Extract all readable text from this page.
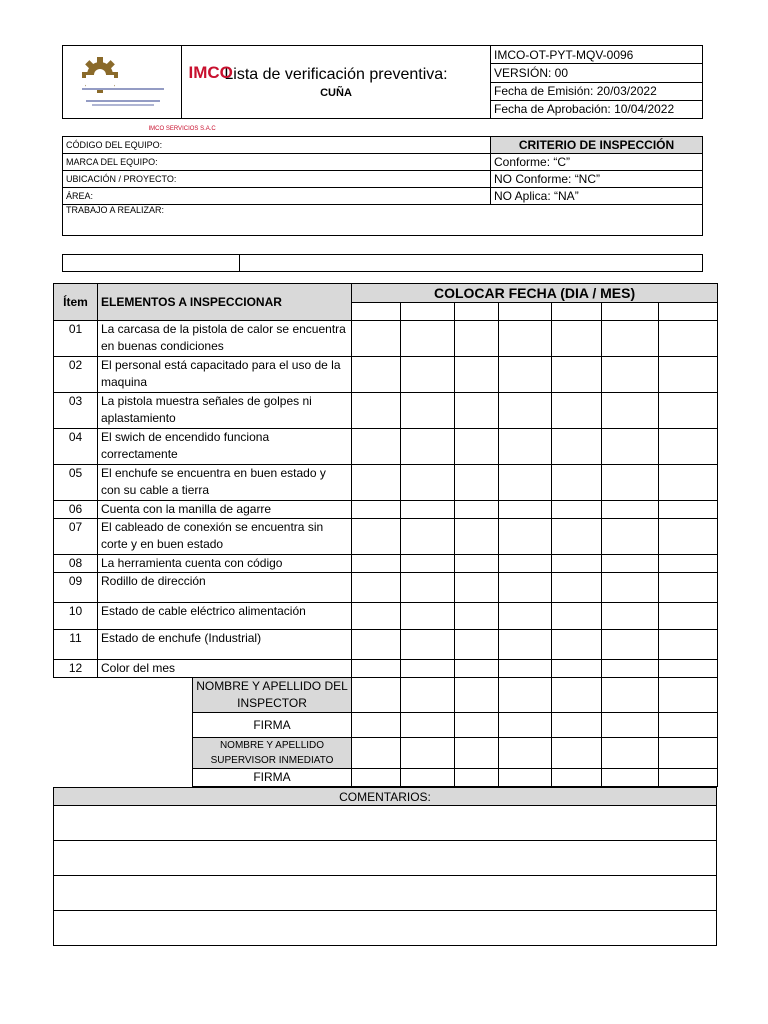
IMCO
IMCO SERVICIOS S.A.C

Lista de verificación preventiva:
CUÑA
	IMCO-OT-PYT-MQV-0096
VERSIÓN: 00
Fecha de Emisión: 20/03/2022
Fecha de Aprobación: 10/04/2022
CÓDIGO DEL EQUIPO:	CRITERIO DE INSPECCIÓN
MARCA DEL EQUIPO:	Conforme: “C”
UBICACIÓN / PROYECTO:	NO Conforme: “NC”
ÁREA:	NO Aplica: “NA”
TRABAJO A REALIZAR:	

Ítem	ELEMENTOS A INSPECCIONAR		COLOCAR FECHA (DIA / MES)						

01	La carcasa de la pistola de calor se encuentra en buenas condiciones								
02	El personal está capacitado para el uso de la maquina								
03	La pistola muestra señales de golpes ni aplastamiento								
04	El swich de encendido funciona correctamente								
05	El enchufe se encuentra en buen estado y con su cable a tierra								
06	Cuenta con la manilla de agarre								
07	El cableado de conexión se encuentra sin corte y en buen estado								
08	La herramienta cuenta con código								
09	Rodillo de dirección								
10	Estado de cable eléctrico alimentación								
11	Estado de enchufe (Industrial)								
12	Color del mes								
		NOMBRE Y APELLIDO DEL INSPECTOR							
		FIRMA							
		NOMBRE Y APELLIDO SUPERVISOR INMEDIATO							
		FIRMA							
COMENTARIOS:
